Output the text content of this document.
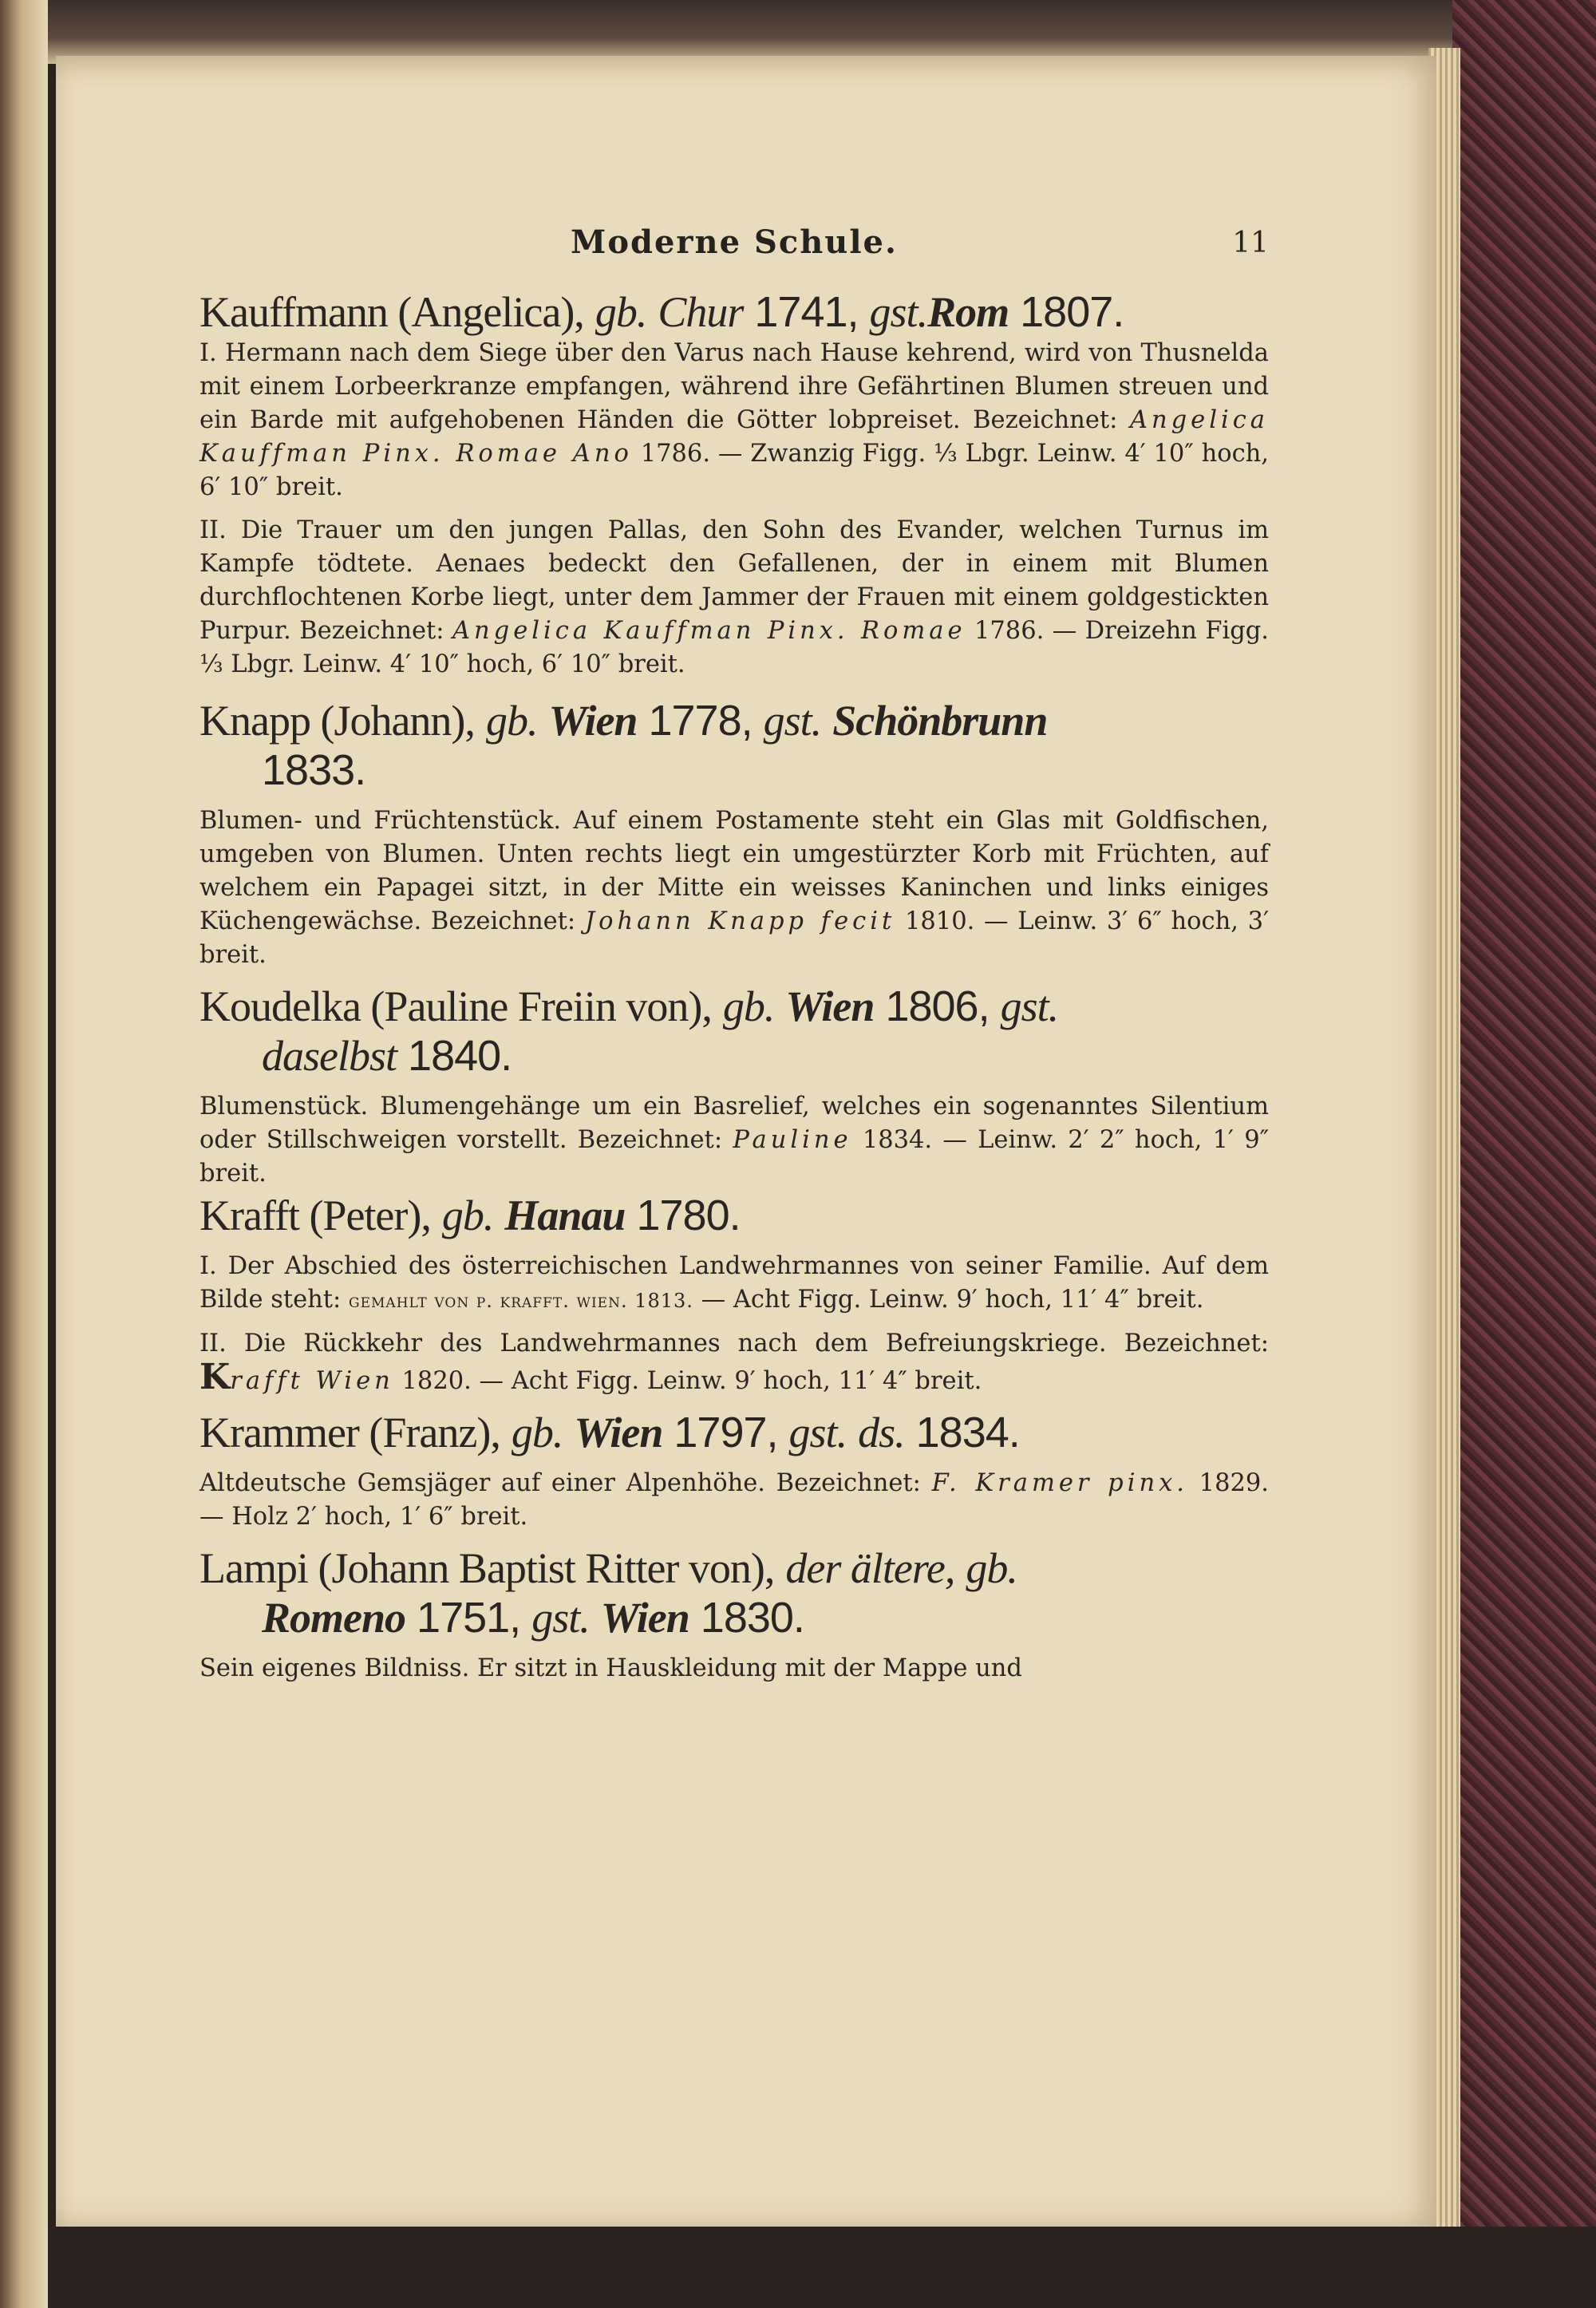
Moderne Schule.	11
Kauffmann (Angelica), gb. Chur 1741, gst.Rom 1807.

I. Hermann nach dem Siege über den Varus nach Hause kehrend, wird von Thusnelda mit einem Lorbeerkranze empfangen, während ihre Gefährtinen Blumen streuen und ein Barde mit aufgehobenen Händen die Götter lobpreiset. Bezeichnet: Angelica Kauffman Pinx. Romae Ano 1786. — Zwanzig Figg. ⅓ Lbgr. Leinw. 4′ 10″ hoch, 6′ 10″ breit.

II. Die Trauer um den jungen Pallas, den Sohn des Evander, welchen Turnus im Kampfe tödtete. Aenaes bedeckt den Gefallenen, der in einem mit Blumen durchflochtenen Korbe liegt, unter dem Jammer der Frauen mit einem goldgestickten Purpur. Bezeichnet: Angelica Kauffman Pinx. Romae 1786. — Dreizehn Figg. ⅓ Lbgr. Leinw. 4′ 10″ hoch, 6′ 10″ breit.

Knapp (Johann), gb. Wien 1778, gst. Schönbrunn
1833.

Blumen- und Früchtenstück. Auf einem Postamente steht ein Glas mit Goldfischen, umgeben von Blumen. Unten rechts liegt ein umgestürzter Korb mit Früchten, auf welchem ein Papagei sitzt, in der Mitte ein weisses Kaninchen und links einiges Küchengewächse. Bezeichnet: Johann Knapp fecit 1810. — Leinw. 3′ 6″ hoch, 3′ breit.

Koudelka (Pauline Freiin von), gb. Wien 1806, gst.
daselbst 1840.

Blumenstück. Blumengehänge um ein Basrelief, welches ein sogenanntes Silentium oder Stillschweigen vorstellt. Bezeichnet: Pauline 1834. — Leinw. 2′ 2″ hoch, 1′ 9″ breit.

Krafft (Peter), gb. Hanau 1780.

I. Der Abschied des österreichischen Landwehrmannes von seiner Familie. Auf dem Bilde steht: gemahlt von p. krafft. wien. 1813. — Acht Figg. Leinw. 9′ hoch, 11′ 4″ breit.

II. Die Rückkehr des Landwehrmannes nach dem Befreiungskriege. Bezeichnet: Krafft Wien 1820. — Acht Figg. Leinw. 9′ hoch, 11′ 4″ breit.

Krammer (Franz), gb. Wien 1797, gst. ds. 1834.

Altdeutsche Gemsjäger auf einer Alpenhöhe. Bezeichnet: F. Kramer pinx. 1829. — Holz 2′ hoch, 1′ 6″ breit.

Lampi (Johann Baptist Ritter von), der ältere, gb.
Romeno 1751, gst. Wien 1830.

Sein eigenes Bildniss. Er sitzt in Hauskleidung mit der Mappe und
